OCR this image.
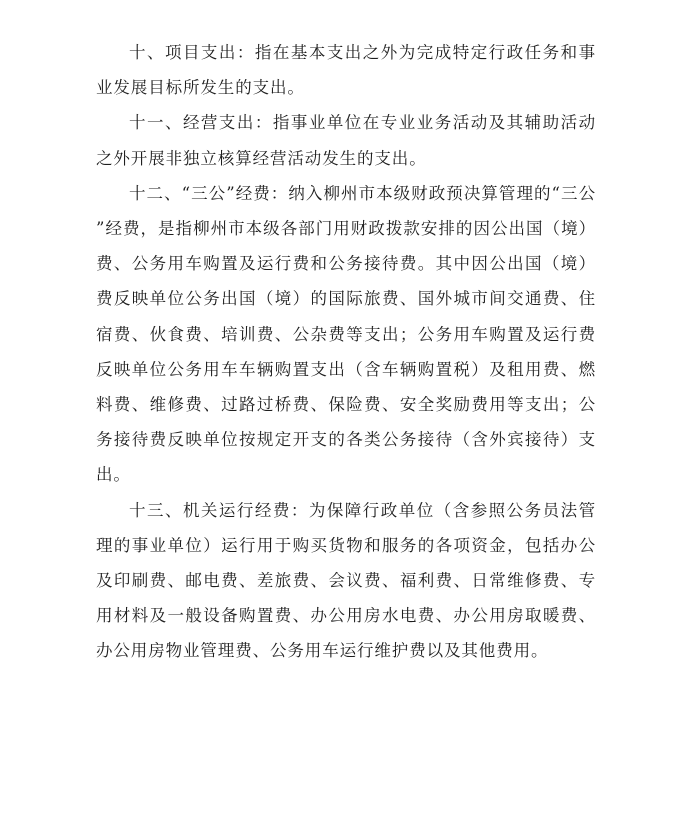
十、项目支出：指在基本支出之外为完成特定行政任务和事业发展目标所发生的支出。

十一、经营支出：指事业单位在专业业务活动及其辅助活动之外开展非独立核算经营活动发生的支出。

十二、“三公”经费：纳入柳州市本级财政预决算管理的“三公”经费，是指柳州市本级各部门用财政拨款安排的因公出国（境）费、公务用车购置及运行费和公务接待费。其中因公出国（境）费反映单位公务出国（境）的国际旅费、国外城市间交通费、住宿费、伙食费、培训费、公杂费等支出；公务用车购置及运行费反映单位公务用车车辆购置支出（含车辆购置税）及租用费、燃料费、维修费、过路过桥费、保险费、安全奖励费用等支出；公务接待费反映单位按规定开支的各类公务接待（含外宾接待）支出。

十三、机关运行经费：为保障行政单位（含参照公务员法管理的事业单位）运行用于购买货物和服务的各项资金，包括办公及印刷费、邮电费、差旅费、会议费、福利费、日常维修费、专用材料及一般设备购置费、办公用房水电费、办公用房取暖费、办公用房物业管理费、公务用车运行维护费以及其他费用。
